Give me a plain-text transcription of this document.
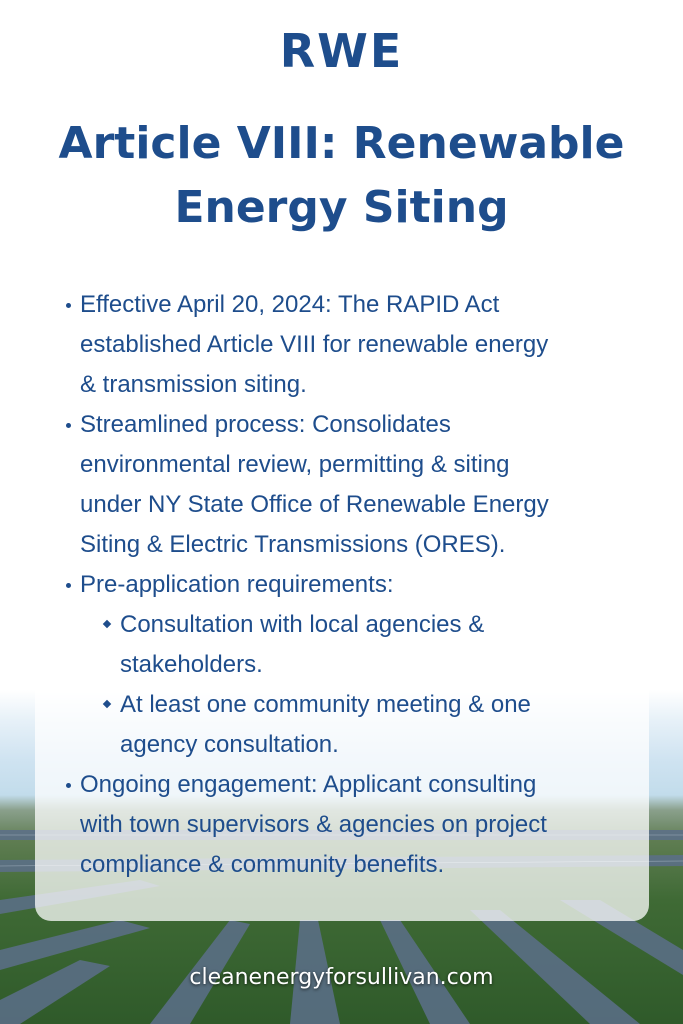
RWE
Article VIII: Renewable
Energy Siting
Effective April 20, 2024: The RAPID Act
established Article VIII for renewable energy
& transmission siting.
Streamlined process: Consolidates
environmental review, permitting & siting
under NY State Office of Renewable Energy
Siting & Electric Transmissions (ORES).
Pre-application requirements:
Consultation with local agencies &
stakeholders.
At least one community meeting & one
agency consultation.
Ongoing engagement: Applicant consulting
with town supervisors & agencies on project
compliance & community benefits.
cleanenergyforsullivan.com
